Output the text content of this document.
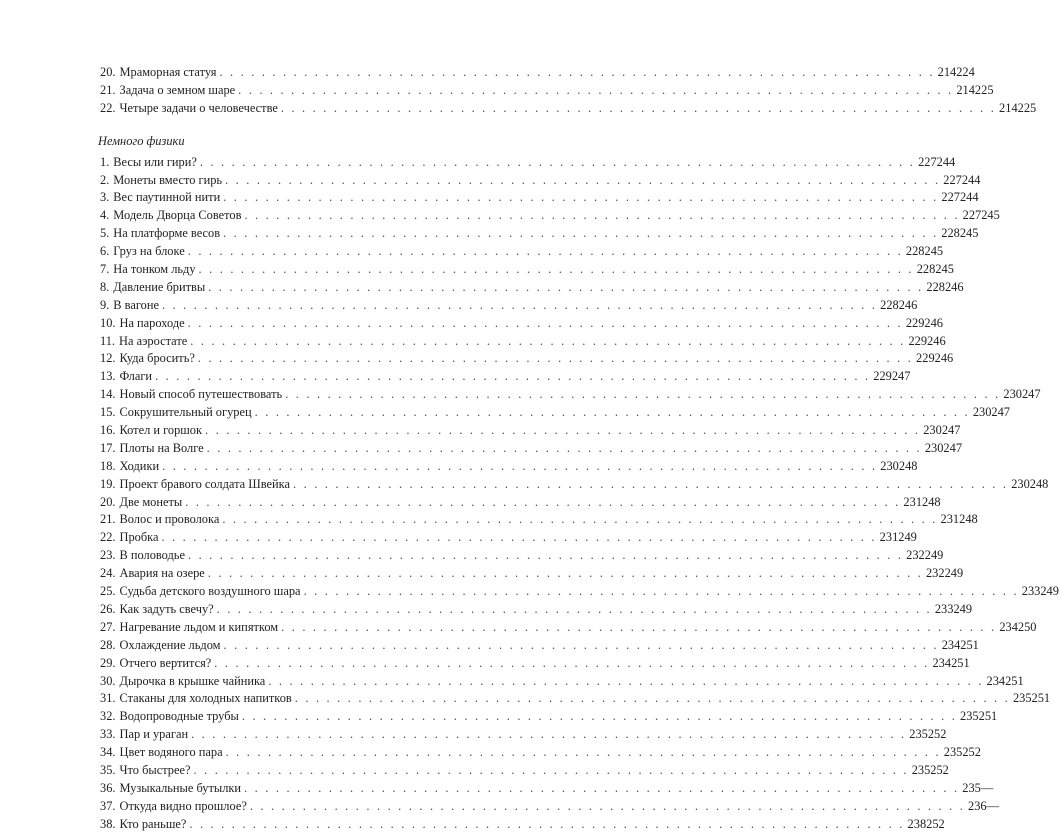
20. Мраморная статуя . . . . . . . . . . . . . . . . . . . . . . . . . . . . . . . . . . . . . . . . . . . . . . . . . . . . . . . . . . . . . . . . . . . . 214 224
21. Задача о земном шаре . . . . . . . . . . . . . . . . . . . . . . . . . . . . . . . . . . . . . . . . . . . . . . . . . . . . . . . . . . . . . . . . . . . . 214 225
22. Четыре задачи о человечестве . . . . . . . . . . . . . . . . . . . . . . . . . . . . . . . . . . . . . . . . . . . . . . . . . . . . . . . . . . . . . . . . . . . . 214 225
Немного физики
1. Весы или гири? . . . . . . . . . . . . . . . . . . . . . . . . . . . . . . . . . . . . . . . . . . . . . . . . . . . . . . . . . . . . . . . . . . . . 227 244
2. Монеты вместо гирь . . . . . . . . . . . . . . . . . . . . . . . . . . . . . . . . . . . . . . . . . . . . . . . . . . . . . . . . . . . . . . . . . . . . 227 244
3. Вес паутинной нити . . . . . . . . . . . . . . . . . . . . . . . . . . . . . . . . . . . . . . . . . . . . . . . . . . . . . . . . . . . . . . . . . . . . 227 244
4. Модель Дворца Советов . . . . . . . . . . . . . . . . . . . . . . . . . . . . . . . . . . . . . . . . . . . . . . . . . . . . . . . . . . . . . . . . . . . . 227 245
5. На платформе весов . . . . . . . . . . . . . . . . . . . . . . . . . . . . . . . . . . . . . . . . . . . . . . . . . . . . . . . . . . . . . . . . . . . . 228 245
6. Груз на блоке . . . . . . . . . . . . . . . . . . . . . . . . . . . . . . . . . . . . . . . . . . . . . . . . . . . . . . . . . . . . . . . . . . . . 228 245
7. На тонком льду . . . . . . . . . . . . . . . . . . . . . . . . . . . . . . . . . . . . . . . . . . . . . . . . . . . . . . . . . . . . . . . . . . . . 228 245
8. Давление бритвы . . . . . . . . . . . . . . . . . . . . . . . . . . . . . . . . . . . . . . . . . . . . . . . . . . . . . . . . . . . . . . . . . . . . 228 246
9. В вагоне . . . . . . . . . . . . . . . . . . . . . . . . . . . . . . . . . . . . . . . . . . . . . . . . . . . . . . . . . . . . . . . . . . . . 228 246
10. На пароходе . . . . . . . . . . . . . . . . . . . . . . . . . . . . . . . . . . . . . . . . . . . . . . . . . . . . . . . . . . . . . . . . . . . . 229 246
11. На аэростате . . . . . . . . . . . . . . . . . . . . . . . . . . . . . . . . . . . . . . . . . . . . . . . . . . . . . . . . . . . . . . . . . . . . 229 246
12. Куда бросить? . . . . . . . . . . . . . . . . . . . . . . . . . . . . . . . . . . . . . . . . . . . . . . . . . . . . . . . . . . . . . . . . . . . . 229 246
13. Флаги . . . . . . . . . . . . . . . . . . . . . . . . . . . . . . . . . . . . . . . . . . . . . . . . . . . . . . . . . . . . . . . . . . . . 229 247
14. Новый способ путешествовать . . . . . . . . . . . . . . . . . . . . . . . . . . . . . . . . . . . . . . . . . . . . . . . . . . . . . . . . . . . . . . . . . . . . 230 247
15. Сокрушительный огурец . . . . . . . . . . . . . . . . . . . . . . . . . . . . . . . . . . . . . . . . . . . . . . . . . . . . . . . . . . . . . . . . . . . . 230 247
16. Котел и горшок . . . . . . . . . . . . . . . . . . . . . . . . . . . . . . . . . . . . . . . . . . . . . . . . . . . . . . . . . . . . . . . . . . . . 230 247
17. Плоты на Волге . . . . . . . . . . . . . . . . . . . . . . . . . . . . . . . . . . . . . . . . . . . . . . . . . . . . . . . . . . . . . . . . . . . . 230 247
18. Ходики . . . . . . . . . . . . . . . . . . . . . . . . . . . . . . . . . . . . . . . . . . . . . . . . . . . . . . . . . . . . . . . . . . . . 230 248
19. Проект бравого солдата Швейка . . . . . . . . . . . . . . . . . . . . . . . . . . . . . . . . . . . . . . . . . . . . . . . . . . . . . . . . . . . . . . . . . . . . 230 248
20. Две монеты . . . . . . . . . . . . . . . . . . . . . . . . . . . . . . . . . . . . . . . . . . . . . . . . . . . . . . . . . . . . . . . . . . . . 231 248
21. Волос и проволока . . . . . . . . . . . . . . . . . . . . . . . . . . . . . . . . . . . . . . . . . . . . . . . . . . . . . . . . . . . . . . . . . . . . 231 248
22. Пробка . . . . . . . . . . . . . . . . . . . . . . . . . . . . . . . . . . . . . . . . . . . . . . . . . . . . . . . . . . . . . . . . . . . . 231 249
23. В половодье . . . . . . . . . . . . . . . . . . . . . . . . . . . . . . . . . . . . . . . . . . . . . . . . . . . . . . . . . . . . . . . . . . . . 232 249
24. Авария на озере . . . . . . . . . . . . . . . . . . . . . . . . . . . . . . . . . . . . . . . . . . . . . . . . . . . . . . . . . . . . . . . . . . . . 232 249
25. Судьба детского воздушного шара . . . . . . . . . . . . . . . . . . . . . . . . . . . . . . . . . . . . . . . . . . . . . . . . . . . . . . . . . . . . . . . . . . . . 233 249
26. Как задуть свечу? . . . . . . . . . . . . . . . . . . . . . . . . . . . . . . . . . . . . . . . . . . . . . . . . . . . . . . . . . . . . . . . . . . . . 233 249
27. Нагревание льдом и кипятком . . . . . . . . . . . . . . . . . . . . . . . . . . . . . . . . . . . . . . . . . . . . . . . . . . . . . . . . . . . . . . . . . . . . 234 250
28. Охлаждение льдом . . . . . . . . . . . . . . . . . . . . . . . . . . . . . . . . . . . . . . . . . . . . . . . . . . . . . . . . . . . . . . . . . . . . 234 251
29. Отчего вертится? . . . . . . . . . . . . . . . . . . . . . . . . . . . . . . . . . . . . . . . . . . . . . . . . . . . . . . . . . . . . . . . . . . . . 234 251
30. Дырочка в крышке чайника . . . . . . . . . . . . . . . . . . . . . . . . . . . . . . . . . . . . . . . . . . . . . . . . . . . . . . . . . . . . . . . . . . . . 234 251
31. Стаканы для холодных напитков . . . . . . . . . . . . . . . . . . . . . . . . . . . . . . . . . . . . . . . . . . . . . . . . . . . . . . . . . . . . . . . . . . . . 235 251
32. Водопроводные трубы . . . . . . . . . . . . . . . . . . . . . . . . . . . . . . . . . . . . . . . . . . . . . . . . . . . . . . . . . . . . . . . . . . . . 235 251
33. Пар и ураган . . . . . . . . . . . . . . . . . . . . . . . . . . . . . . . . . . . . . . . . . . . . . . . . . . . . . . . . . . . . . . . . . . . . 235 252
34. Цвет водяного пара . . . . . . . . . . . . . . . . . . . . . . . . . . . . . . . . . . . . . . . . . . . . . . . . . . . . . . . . . . . . . . . . . . . . 235 252
35. Что быстрее? . . . . . . . . . . . . . . . . . . . . . . . . . . . . . . . . . . . . . . . . . . . . . . . . . . . . . . . . . . . . . . . . . . . . 235 252
36. Музыкальные бутылки . . . . . . . . . . . . . . . . . . . . . . . . . . . . . . . . . . . . . . . . . . . . . . . . . . . . . . . . . . . . . . . . . . . . 235 —
37. Откуда видно прошлое? . . . . . . . . . . . . . . . . . . . . . . . . . . . . . . . . . . . . . . . . . . . . . . . . . . . . . . . . . . . . . . . . . . . . 236 —
38. Кто раньше? . . . . . . . . . . . . . . . . . . . . . . . . . . . . . . . . . . . . . . . . . . . . . . . . . . . . . . . . . . . . . . . . . . . . 238 252
